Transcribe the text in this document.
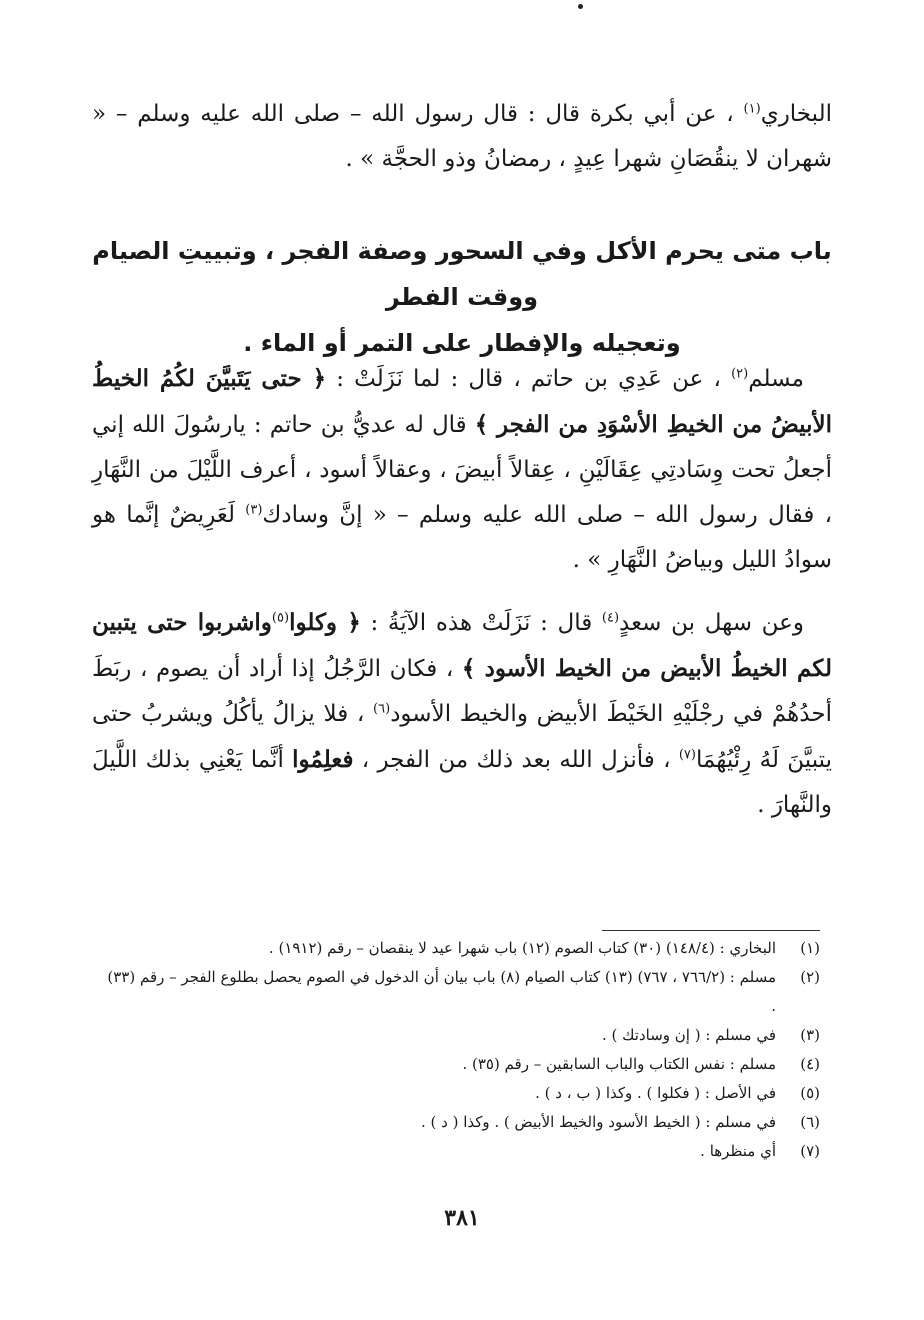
البخاري$^{(١)}$ ، عن أبي بكرة قال : قال رسول الله – صلى الله عليه وسلم – « شهران لا ينقُصَانِ شهرا عِيدٍ ، رمضانُ وذو الحجَّة » .

باب متى يحرم الأكل وفي السحور وصفة الفجر ، وتبييتِ الصيام ووقت الفطر

وتعجيله والإفطار على التمر أو الماء .

مسلم$^{(٢)}$ ، عن عَدِي بن حاتم ، قال : لما نَزَلَتْ : ﴿ حتى يَتَبيَّنَ لكُمُ الخيطُ الأبيضُ من الخيطِ الأسْوَدِ من الفجر ﴾ قال له عديُّ بن حاتم : يارسُولَ الله إني أجعلُ تحت وِسَادتِي عِقَالَيْنِ ، عِقالاً أبيضَ ، وعقالاً أسود ، أعرف اللَّيْلَ من النَّهَارِ ، فقال رسول الله – صلى الله عليه وسلم – « إنَّ وسادك$^{(٣)}$ لَعَرِيضٌ إنَّما هو سوادُ الليل وبياضُ النَّهَارِ » .

وعن سهل بن سعدٍ$^{(٤)}$ قال : نَزَلَتْ هذه الآيَةُ : ﴿ وكلوا$^{(٥)}$واشربوا حتى يتبين لكم الخيطُ الأبيض من الخيط الأسود ﴾ ، فكان الرَّجُلُ إذا أراد أن يصوم ، ربَطَ أحدُهُمْ في رجْلَيْهِ الخَيْطَ الأبيض والخيط الأسود$^{(٦)}$ ، فلا يزالُ يأكُلُ ويشربُ حتى يتبيَّنَ لَهُ رِئْيُهُمَا$^{(٧)}$ ، فأنزل الله بعد ذلك من الفجر ، فعلِمُوا أنَّما يَعْنِي بذلك اللَّيلَ والنَّهارَ .

(١)
البخاري : (١٤٨/٤) (٣٠) كتاب الصوم (١٢) باب شهرا عيد لا ينقصان – رقم (١٩١٢) .
(٢)
مسلم : (٧٦٦/٢ ، ٧٦٧) (١٣) كتاب الصيام (٨) باب بيان أن الدخول في الصوم يحصل بطلوع الفجر – رقم (٣٣) .
(٣)
في مسلم : ( إن وسادتك ) .
(٤)
مسلم : نفس الكتاب والباب السابقين – رقم (٣٥) .
(٥)
في الأصل : ( فكلوا ) . وكذا ( ب ، د ) .
(٦)
في مسلم : ( الخيط الأسود والخيط الأبيض ) . وكذا ( د ) .
(٧)
أي منظرها .
٣٨١
